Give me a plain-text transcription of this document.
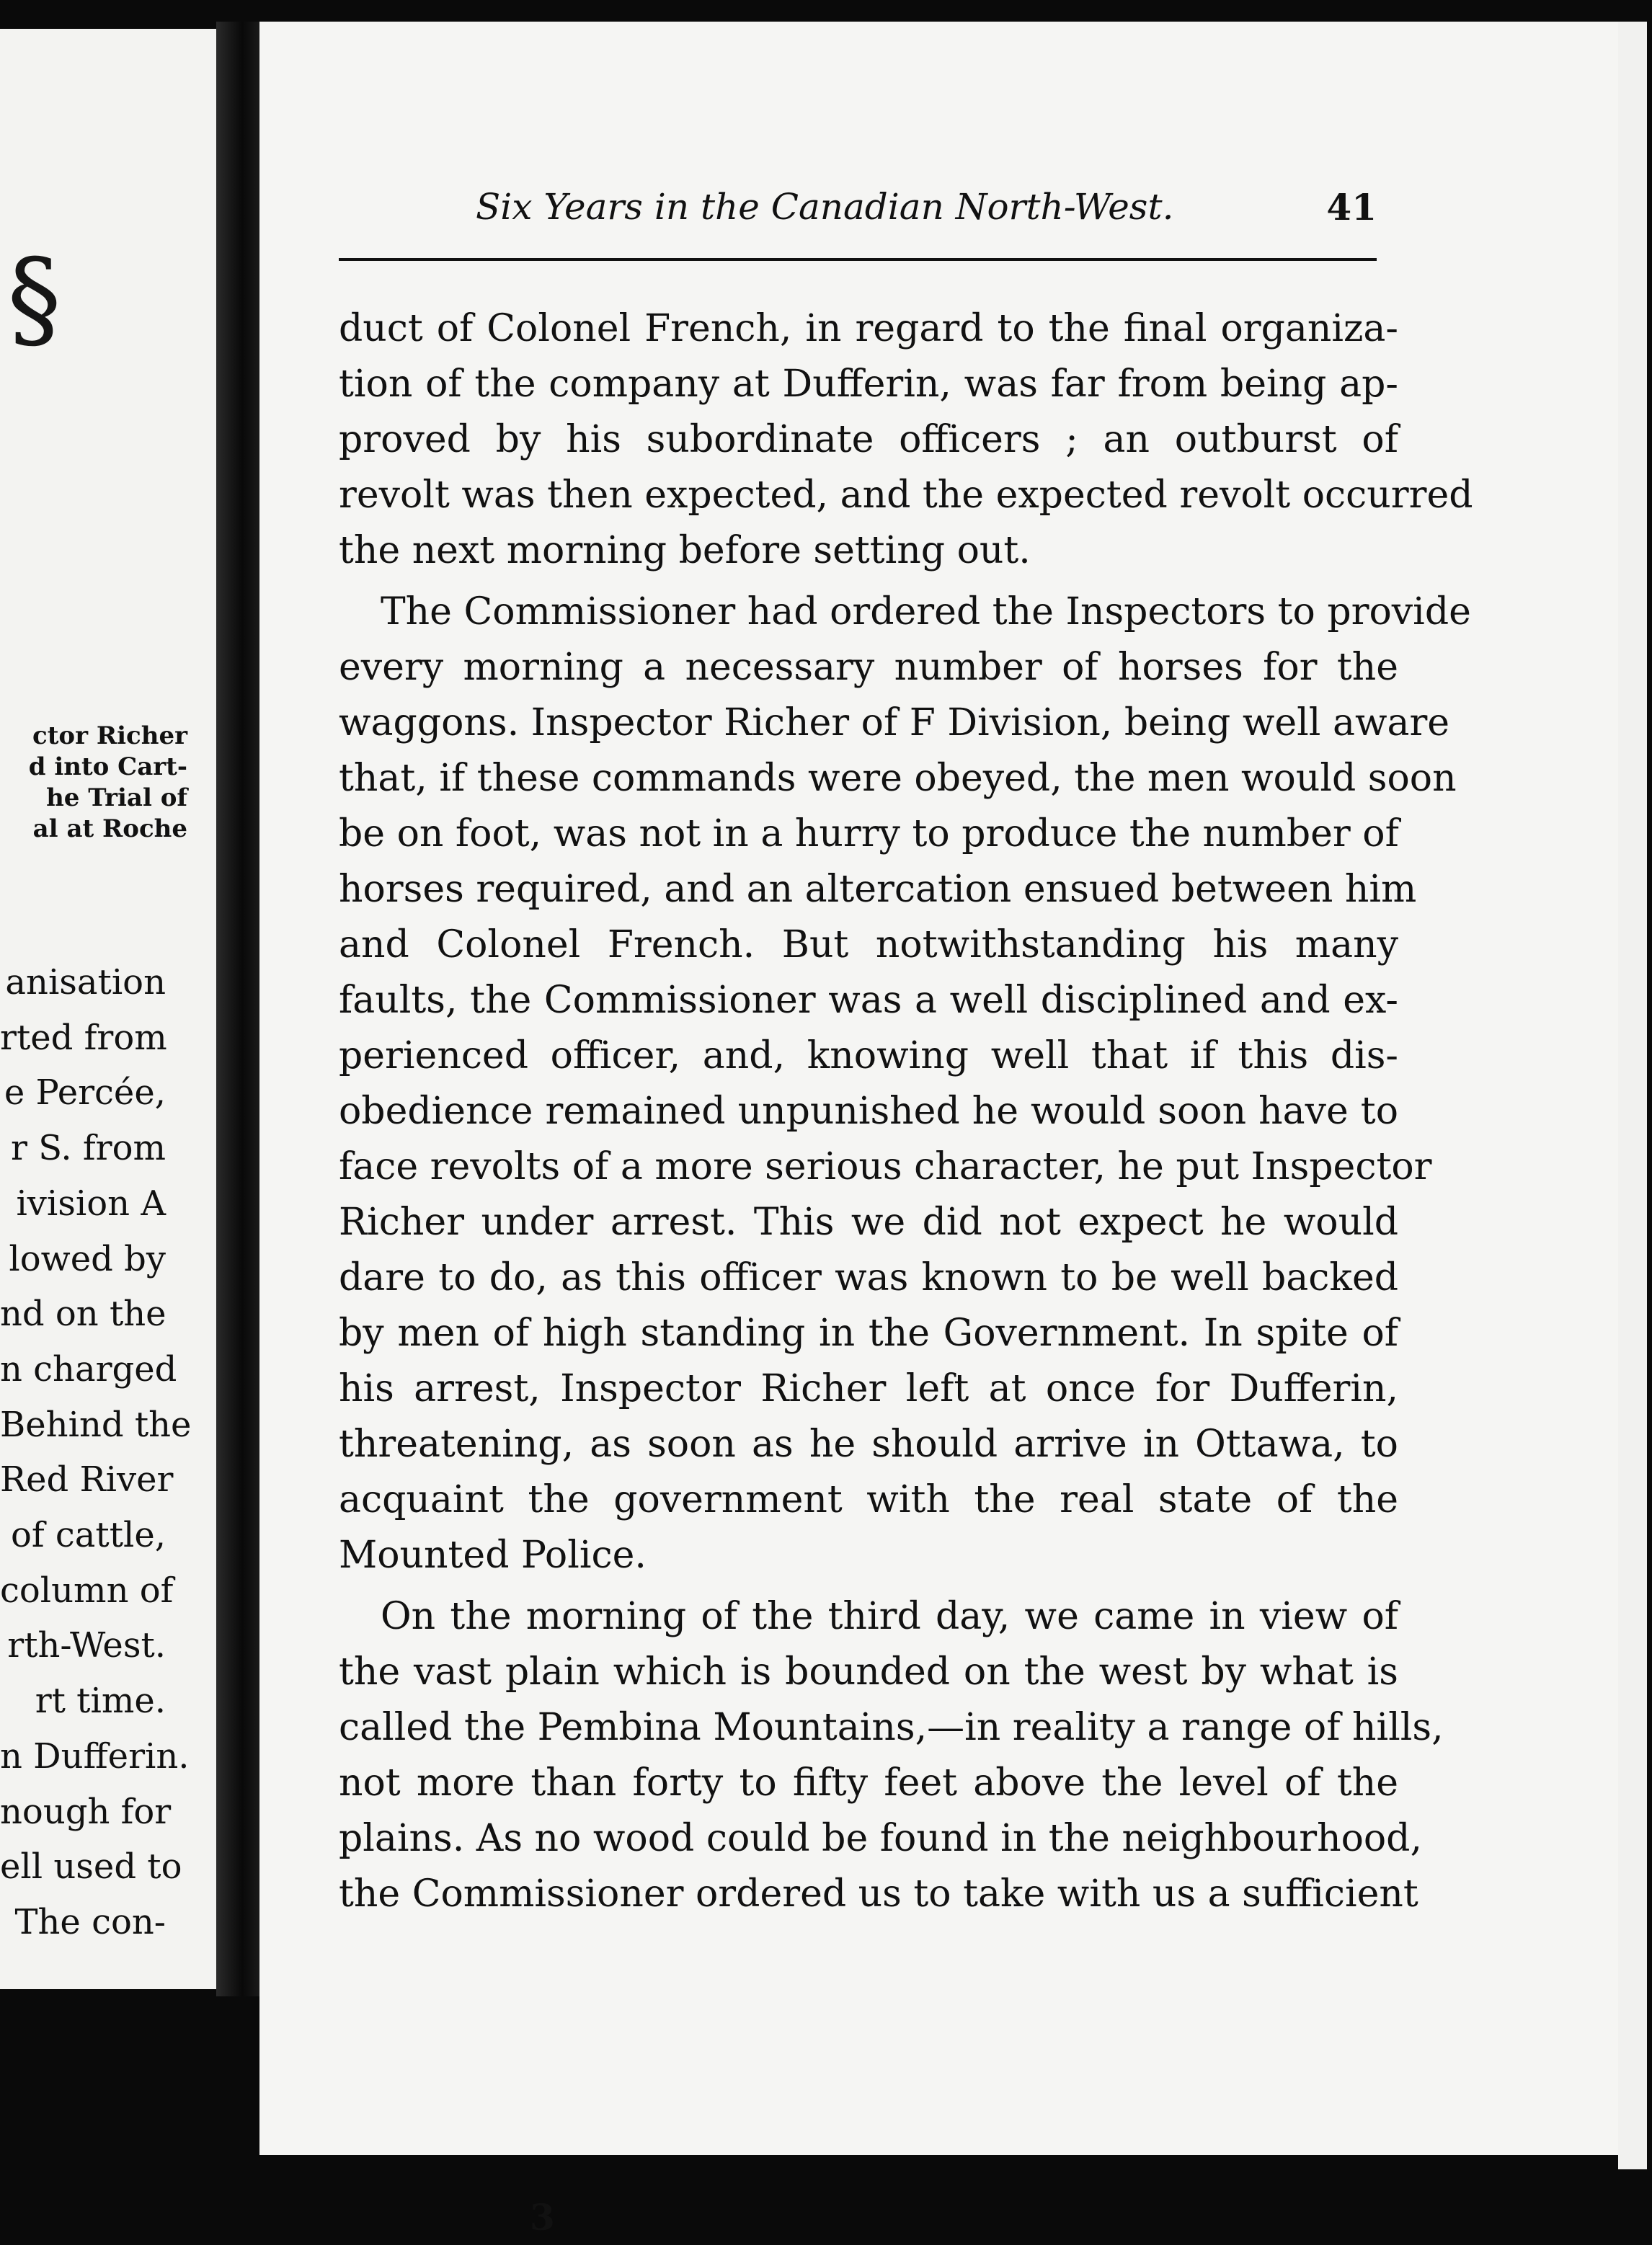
§
ctor Richer
d into Cart-
he Trial of
al at Roche
anisation
rted from
e Percée,
r S. from
ivision A
lowed by
nd on the
n charged
Behind the
Red River
of cattle,
column of
rth-West.
rt time.
n Dufferin.
nough for
ell used to
The con-
Six Years in the Canadian North-West.	41
duct of Colonel French, in regard to the final organiza-
tion of the company at Dufferin, was far from being ap-
proved by his subordinate officers ; an outburst of
revolt was then expected, and the expected revolt occurred
the next morning before setting out.
The Commissioner had ordered the Inspectors to provide
every morning a necessary number of horses for the
waggons. Inspector Richer of F Division, being well aware
that, if these commands were obeyed, the men would soon
be on foot, was not in a hurry to produce the number of
horses required, and an altercation ensued between him
and Colonel French. But notwithstanding his many
faults, the Commissioner was a well disciplined and ex-
perienced officer, and, knowing well that if this dis-
obedience remained unpunished he would soon have to
face revolts of a more serious character, he put Inspector
Richer under arrest. This we did not expect he would
dare to do, as this officer was known to be well backed
by men of high standing in the Government. In spite of
his arrest, Inspector Richer left at once for Dufferin,
threatening, as soon as he should arrive in Ottawa, to
acquaint the government with the real state of the
Mounted Police.
On the morning of the third day, we came in view of
the vast plain which is bounded on the west by what is
called the Pembina Mountains,—in reality a range of hills,
not more than forty to fifty feet above the level of the
plains. As no wood could be found in the neighbourhood,
the Commissioner ordered us to take with us a sufficient
3
